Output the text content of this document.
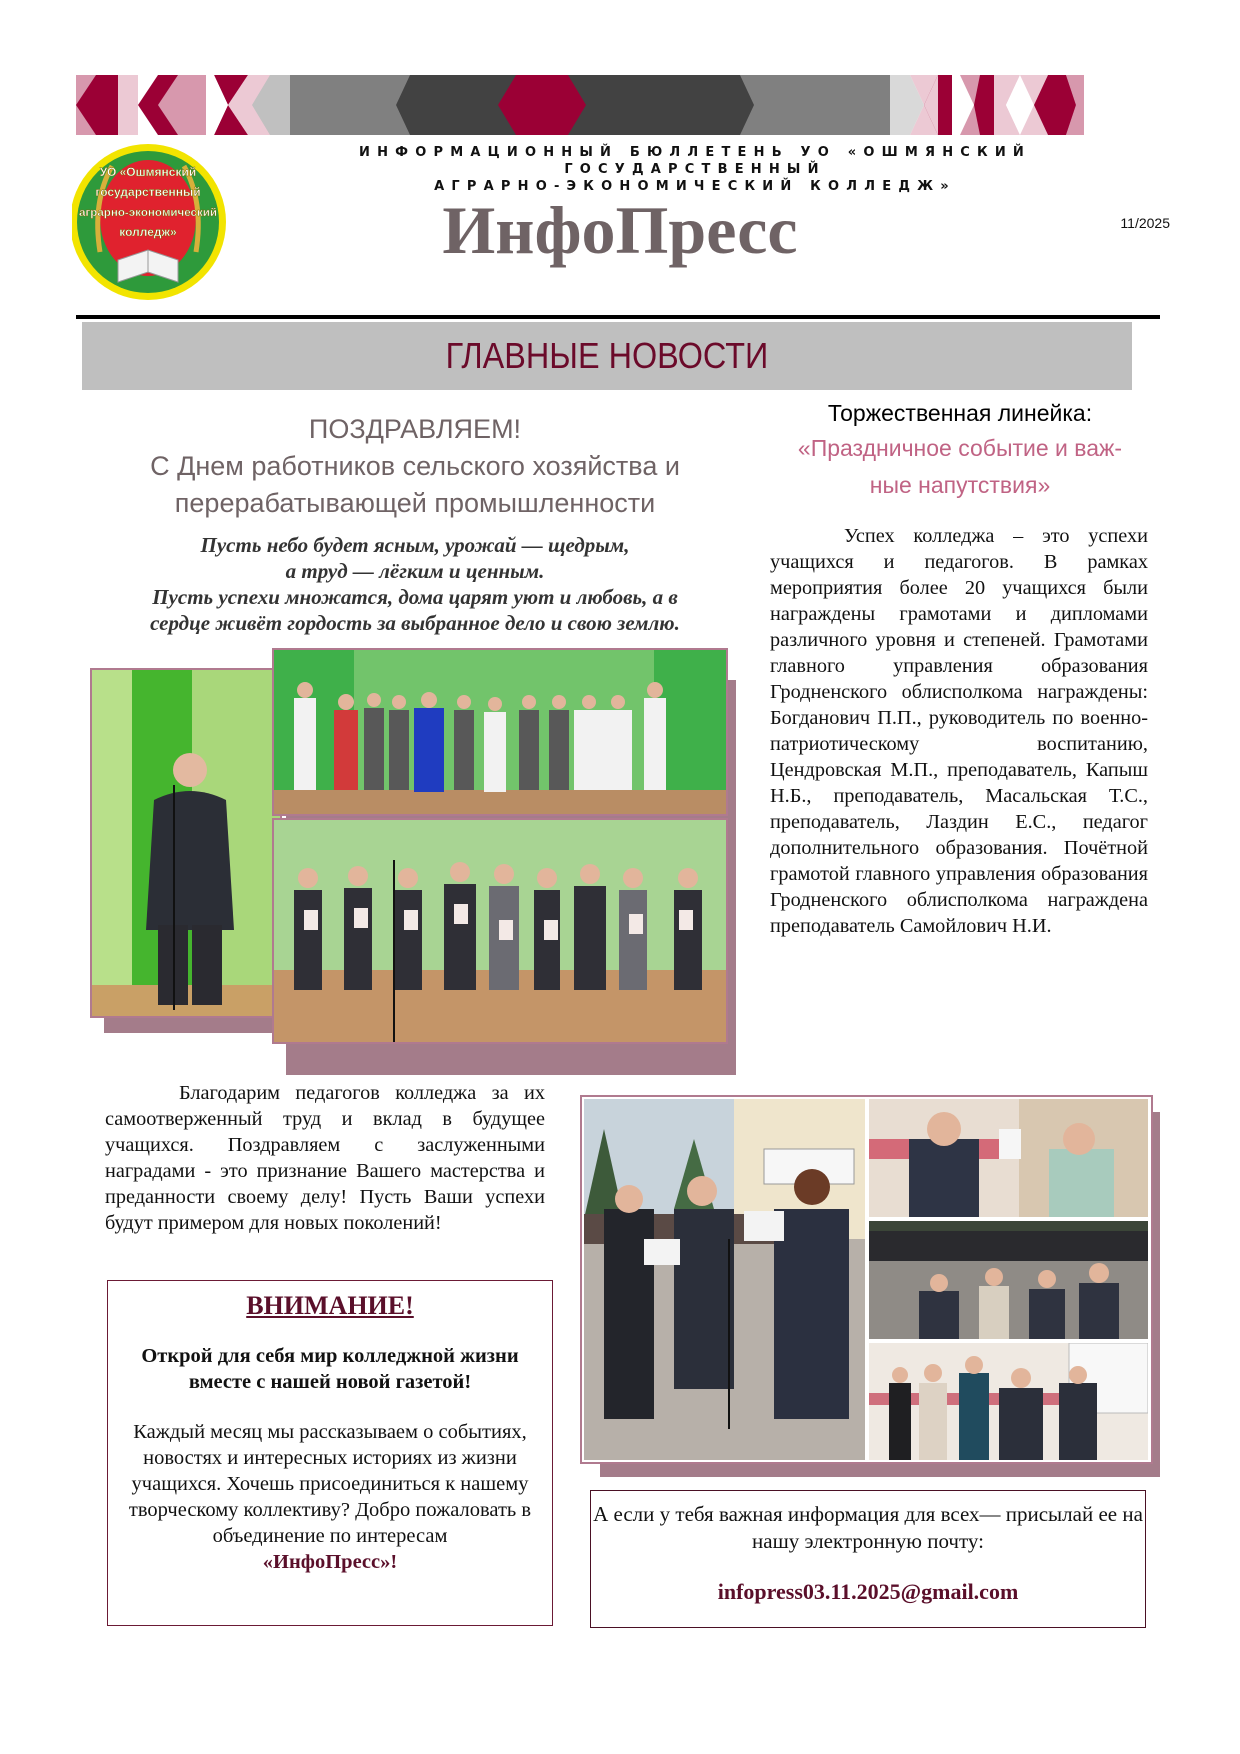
УО «Ошмянский
государственный
аграрно-экономический
колледж»
ИНФОРМАЦИОННЫЙ БЮЛЛЕТЕНЬ УО «ОШМЯНСКИЙ ГОСУДАРСТВЕННЫЙ
АГРАРНО-ЭКОНОМИЧЕСКИЙ КОЛЛЕДЖ»
ИнфоПресс	11/2025
ГЛАВНЫЕ НОВОСТИ
ПОЗДРАВЛЯЕМ!
С Днем работников сельского хозяйства и
перерабатывающей промышленности
Пусть небо будет ясным, урожай — щедрым,
а труд — лёгким и ценным.
Пусть успехи множатся, дома царят уют и любовь, а в
сердце живёт гордость за выбранное дело и свою землю.
Торжественная линейка:
«Праздничное событие и важ-
ные напутствия»
Успех колледжа – это успехи учащихся и педагогов. В рамках мероприятия более 20 учащихся были награждены грамотами и дипломами различного уровня и степеней. Грамотами главного управления образования Гродненского облисполкома награждены: Богданович П.П., руководитель по военно-патриотическому воспитанию, Цендровская М.П., преподаватель, Капыш Н.Б., преподаватель, Масальская Т.С., преподаватель, Лаздин Е.С., педагог дополнительного образования. Почётной грамотой главного управления образования Гродненского облисполкома награждена преподаватель Самойлович Н.И.
Благодарим педагогов колледжа за их самоотверженный труд и вклад в будущее учащихся. Поздравляем с заслуженными наградами - это признание Вашего мастерства и преданности своему делу! Пусть Ваши успехи будут примером для новых поколений!
ВНИМАНИЕ!
Открой для себя мир колледжной жизни вместе с нашей новой газетой!
Каждый месяц мы рассказываем о событиях, новостях и интересных историях из жизни учащихся. Хочешь присоединиться к нашему творческому коллективу? Добро пожаловать в объединение по интересам
«ИнфоПресс»!
А если у тебя важная информация для всех— присылай ее на нашу электронную почту:
infopress03.11.2025@gmail.com
